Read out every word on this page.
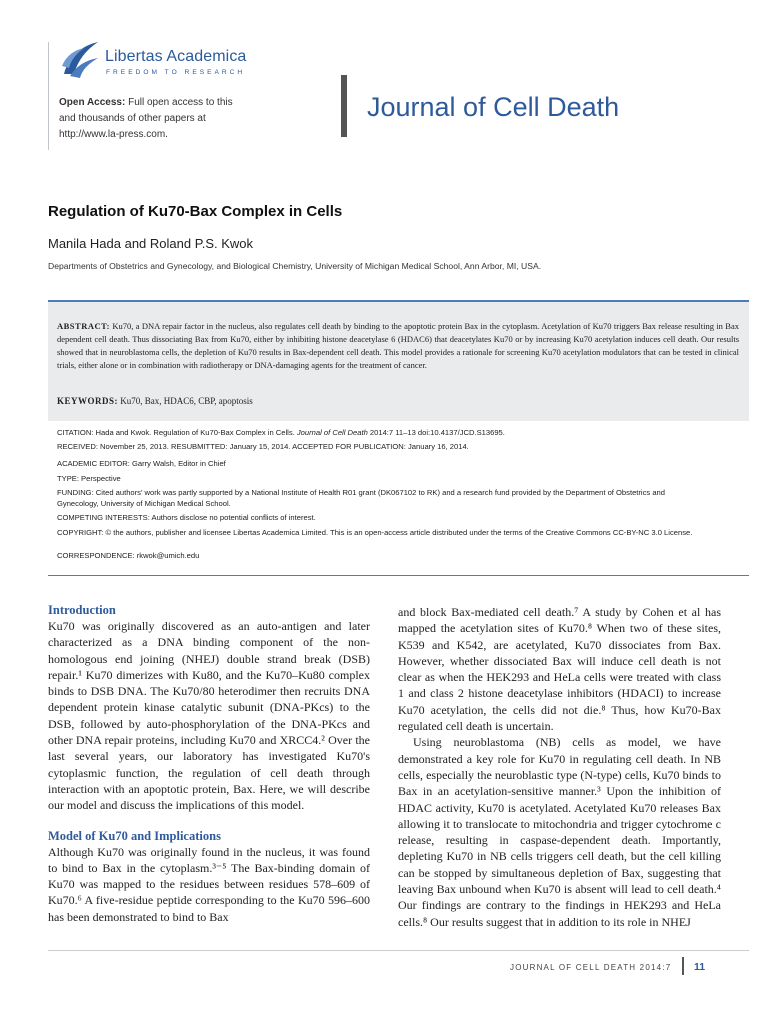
Libertas Academica
FREEDOM TO RESEARCH
Open Access: Full open access to this and thousands of other papers at http://www.la-press.com.
Journal of Cell Death
Regulation of Ku70-Bax Complex in Cells
Manila Hada and Roland P.S. Kwok
Departments of Obstetrics and Gynecology, and Biological Chemistry, University of Michigan Medical School, Ann Arbor, MI, USA.
ABSTRACT: Ku70, a DNA repair factor in the nucleus, also regulates cell death by binding to the apoptotic protein Bax in the cytoplasm. Acetylation of Ku70 triggers Bax release resulting in Bax dependent cell death. Thus dissociating Bax from Ku70, either by inhibiting histone deacetylase 6 (HDAC6) that deacetylates Ku70 or by increasing Ku70 acetylation induces cell death. Our results showed that in neuroblastoma cells, the depletion of Ku70 results in Bax-dependent cell death. This model provides a rationale for screening Ku70 acetylation modulators that can be tested in clinical trials, either alone or in combination with radiotherapy or DNA-damaging agents for the treatment of cancer.
KEYWORDS: Ku70, Bax, HDAC6, CBP, apoptosis
CITATION: Hada and Kwok. Regulation of Ku70-Bax Complex in Cells. Journal of Cell Death 2014:7 11–13 doi:10.4137/JCD.S13695.
RECEIVED: November 25, 2013. RESUBMITTED: January 15, 2014. ACCEPTED FOR PUBLICATION: January 16, 2014.
ACADEMIC EDITOR: Garry Walsh, Editor in Chief
TYPE: Perspective
FUNDING: Cited authors' work was partly supported by a National Institute of Health R01 grant (DK067102 to RK) and a research fund provided by the Department of Obstetrics and Gynecology, University of Michigan Medical School.
COMPETING INTERESTS: Authors disclose no potential conflicts of interest.
COPYRIGHT: © the authors, publisher and licensee Libertas Academica Limited. This is an open-access article distributed under the terms of the Creative Commons CC-BY-NC 3.0 License.
CORRESPONDENCE: rkwok@umich.edu
Introduction

Ku70 was originally discovered as an auto-antigen and later characterized as a DNA binding component of the non-homologous end joining (NHEJ) double strand break (DSB) repair.¹ Ku70 dimerizes with Ku80, and the Ku70–Ku80 complex binds to DSB DNA. The Ku70/80 heterodimer then recruits DNA dependent protein kinase catalytic subunit (DNA-PKcs) to the DSB, followed by auto-phosphorylation of the DNA-PKcs and other DNA repair proteins, including Ku70 and XRCC4.² Over the last several years, our laboratory has investigated Ku70's cytoplasmic function, the regulation of cell death through interaction with an apoptotic protein, Bax. Here, we will describe our model and discuss the implications of this model.

Model of Ku70 and Implications

Although Ku70 was originally found in the nucleus, it was found to bind to Bax in the cytoplasm.³⁻⁵ The Bax-binding domain of Ku70 was mapped to the residues between residues 578–609 of Ku70.⁶ A five-residue peptide corresponding to the Ku70 596–600 has been demonstrated to bind to Bax

and block Bax-mediated cell death.⁷ A study by Cohen et al has mapped the acetylation sites of Ku70.⁸ When two of these sites, K539 and K542, are acetylated, Ku70 dissociates from Bax. However, whether dissociated Bax will induce cell death is not clear as when the HEK293 and HeLa cells were treated with class 1 and class 2 histone deacetylase inhibitors (HDACI) to increase Ku70 acetylation, the cells did not die.⁸ Thus, how Ku70-Bax regulated cell death is uncertain.

Using neuroblastoma (NB) cells as model, we have demonstrated a key role for Ku70 in regulating cell death. In NB cells, especially the neuroblastic type (N-type) cells, Ku70 binds to Bax in an acetylation-sensitive manner.³ Upon the inhibition of HDAC activity, Ku70 is acetylated. Acetylated Ku70 releases Bax allowing it to translocate to mitochondria and trigger cytochrome c release, resulting in caspase-dependent death. Importantly, depleting Ku70 in NB cells triggers cell death, but the cell killing can be stopped by simultaneous depletion of Bax, suggesting that leaving Bax unbound when Ku70 is absent will lead to cell death.⁴ Our findings are contrary to the findings in HEK293 and HeLa cells.⁸ Our results suggest that in addition to its role in NHEJ

JOURNAL OF CELL DEATH 2014:7 11
